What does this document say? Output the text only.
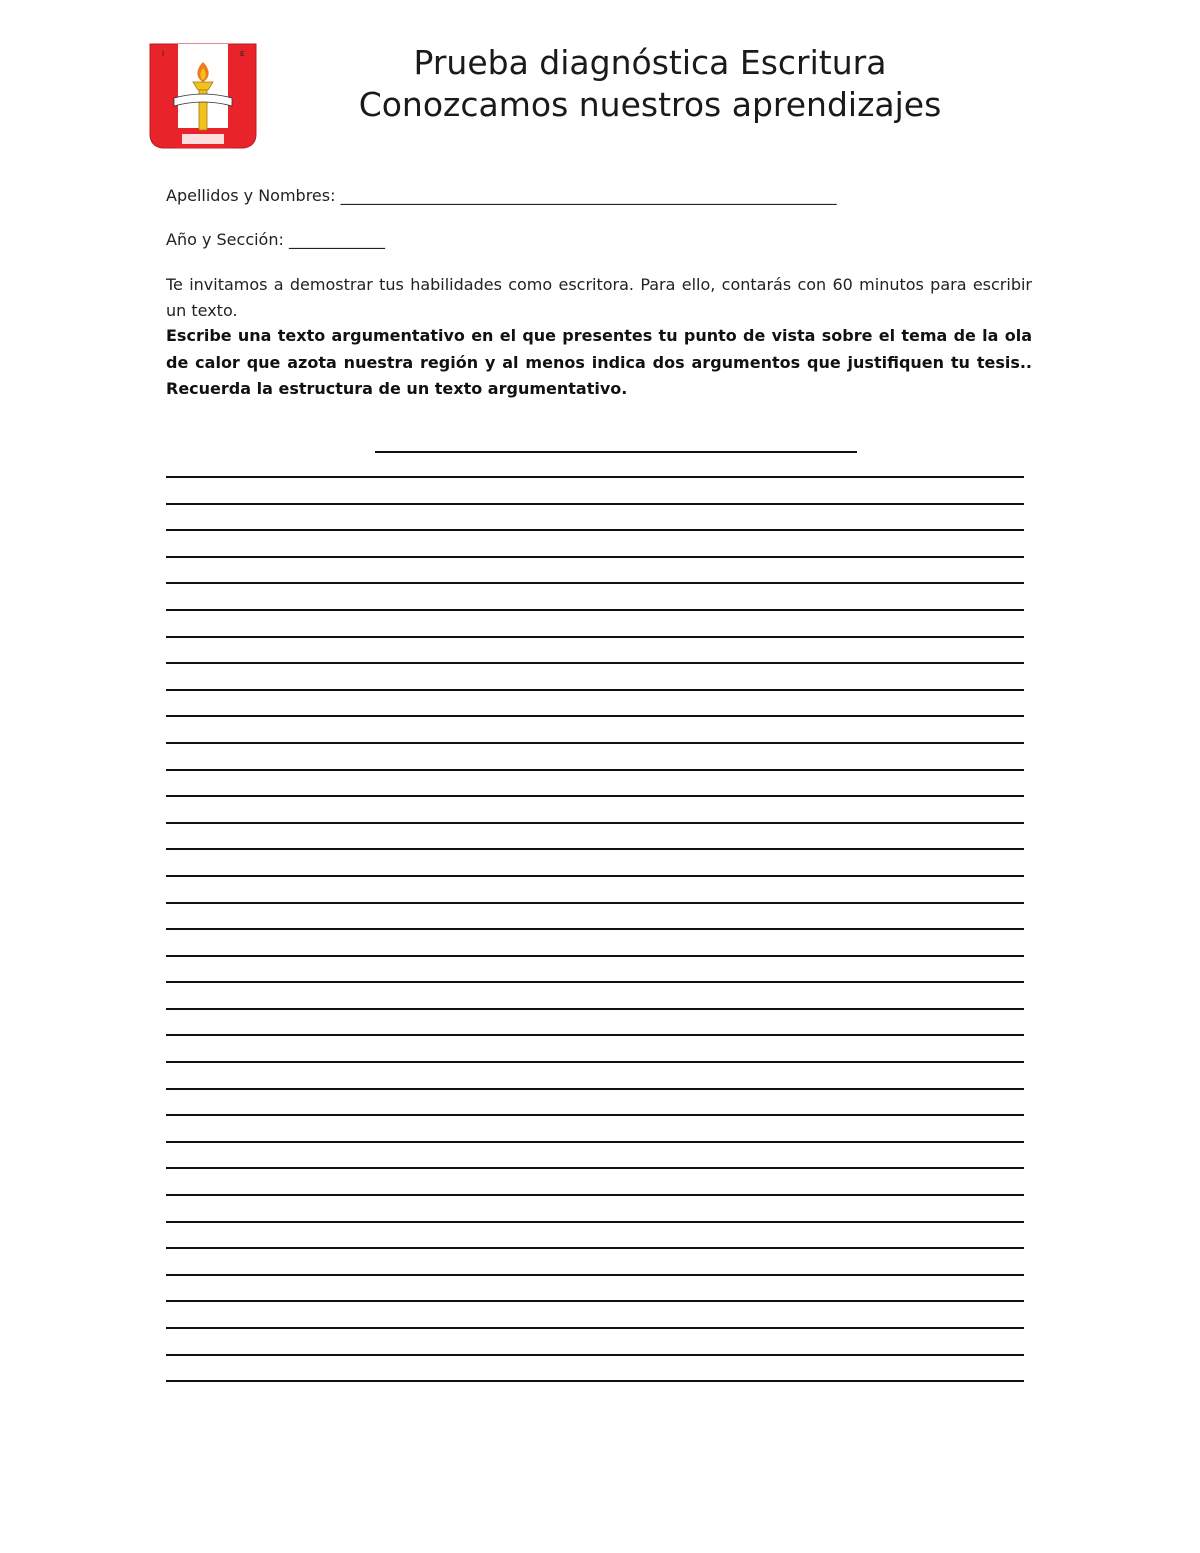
I	E	Prueba diagnóstica Escritura
Conozcamos nuestros aprendizajes
Apellidos y Nombres: ______________________________________________________________
Año y Sección: ____________
Te invitamos a demostrar tus habilidades como escritora. Para ello, contarás con 60 minutos para escribir un texto.
Escribe una texto argumentativo en el que presentes tu punto de vista sobre el tema de la ola de calor que azota nuestra región y al menos indica dos argumentos que justifiquen tu tesis.. Recuerda la estructura de un texto argumentativo.
